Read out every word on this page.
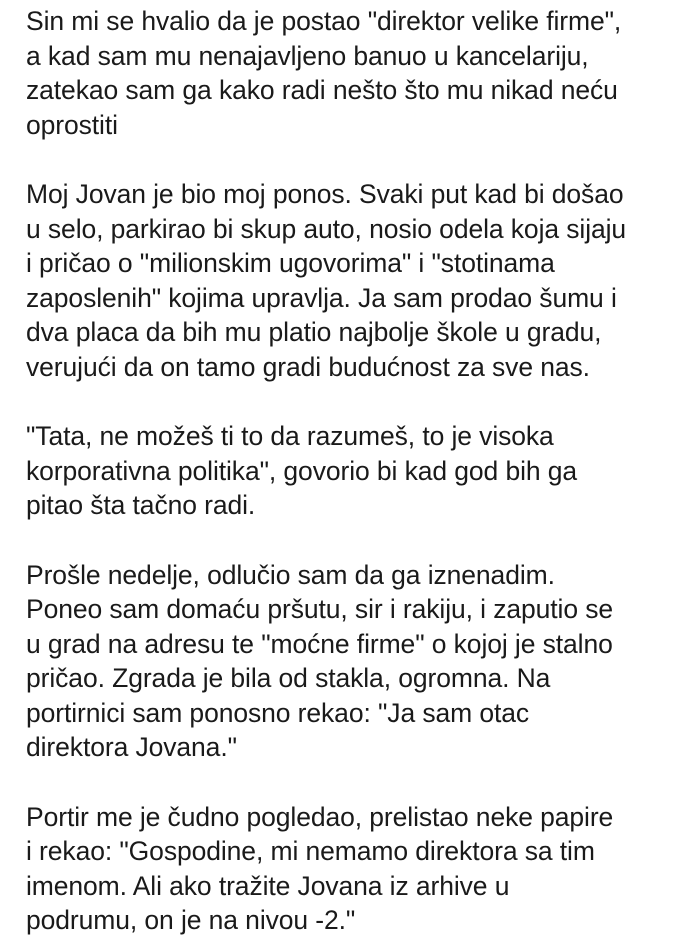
Sin mi se hvalio da je postao "direktor velike firme",
a kad sam mu nenajavljeno banuo u kancelariju,
zatekao sam ga kako radi nešto što mu nikad neću
oprostiti
Moj Jovan je bio moj ponos. Svaki put kad bi došao
u selo, parkirao bi skup auto, nosio odela koja sijaju
i pričao o "milionskim ugovorima" i "stotinama
zaposlenih" kojima upravlja. Ja sam prodao šumu i
dva placa da bih mu platio najbolje škole u gradu,
verujući da on tamo gradi budućnost za sve nas.
"Tata, ne možeš ti to da razumeš, to je visoka
korporativna politika", govorio bi kad god bih ga
pitao šta tačno radi.
Prošle nedelje, odlučio sam da ga iznenadim.
Poneo sam domaću pršutu, sir i rakiju, i zaputio se
u grad na adresu te "moćne firme" o kojoj je stalno
pričao. Zgrada je bila od stakla, ogromna. Na
portirnici sam ponosno rekao: "Ja sam otac
direktora Jovana."
Portir me je čudno pogledao, prelistao neke papire
i rekao: "Gospodine, mi nemamo direktora sa tim
imenom. Ali ako tražite Jovana iz arhive u
podrumu, on je na nivou -2."
